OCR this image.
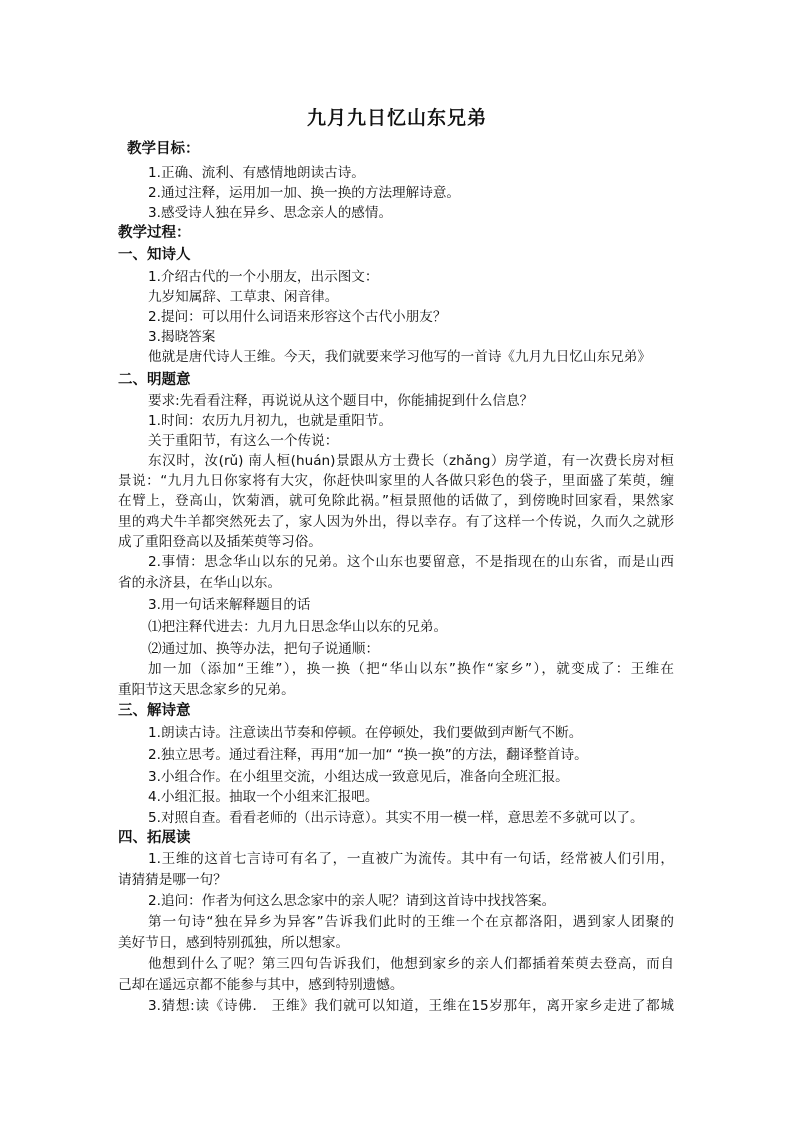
九月九日忆山东兄弟
教学目标：
1.正确、流利、有感情地朗读古诗。
2.通过注释，运用加一加、换一换的方法理解诗意。
3.感受诗人独在异乡、思念亲人的感情。
教学过程：
一、知诗人
1.介绍古代的一个小朋友，出示图文：
九岁知属辞、工草隶、闲音律。
2.提问：可以用什么词语来形容这个古代小朋友？
3.揭晓答案
他就是唐代诗人王维。今天，我们就要来学习他写的一首诗《九月九日忆山东兄弟》
二、明题意
要求:先看看注释，再说说从这个题目中，你能捕捉到什么信息？
1.时间：农历九月初九，也就是重阳节。
关于重阳节，有这么一个传说：
东汉时，汝(rǔ) 南人桓(huán)景跟从方士费长（zhǎng）房学道，有一次费长房对桓
景说：“九月九日你家将有大灾，你赶快叫家里的人各做只彩色的袋子，里面盛了茱萸，缠
在臂上，登高山，饮菊酒，就可免除此祸。”桓景照他的话做了，到傍晚时回家看，果然家
里的鸡犬牛羊都突然死去了，家人因为外出，得以幸存。有了这样一个传说，久而久之就形
成了重阳登高以及插茱萸等习俗。
2.事情：思念华山以东的兄弟。这个山东也要留意，不是指现在的山东省，而是山西
省的永济县，在华山以东。
3.用一句话来解释题目的话
⑴把注释代进去：九月九日思念华山以东的兄弟。
⑵通过加、换等办法，把句子说通顺：
加一加（添加“王维”），换一换（把“华山以东”换作“家乡”），就变成了：王维在
重阳节这天思念家乡的兄弟。
三、解诗意
1.朗读古诗。注意读出节奏和停顿。在停顿处，我们要做到声断气不断。
2.独立思考。通过看注释，再用“加一加“ “换一换”的方法，翻译整首诗。
3.小组合作。在小组里交流，小组达成一致意见后，准备向全班汇报。
4.小组汇报。抽取一个小组来汇报吧。
5.对照自查。看看老师的（出示诗意）。其实不用一模一样，意思差不多就可以了。
四、拓展读
1.王维的这首七言诗可有名了，一直被广为流传。其中有一句话，经常被人们引用，
请猜猜是哪一句？
2.追问：作者为何这么思念家中的亲人呢？请到这首诗中找找答案。
第一句诗“独在异乡为异客”告诉我们此时的王维一个在京都洛阳，遇到家人团聚的
美好节日，感到特别孤独，所以想家。
他想到什么了呢？第三四句告诉我们，他想到家乡的亲人们都插着茱萸去登高，而自
己却在遥远京都不能参与其中，感到特别遗憾。
3.猜想:读《诗佛． 王维》我们就可以知道，王维在15岁那年，离开家乡走进了都城
